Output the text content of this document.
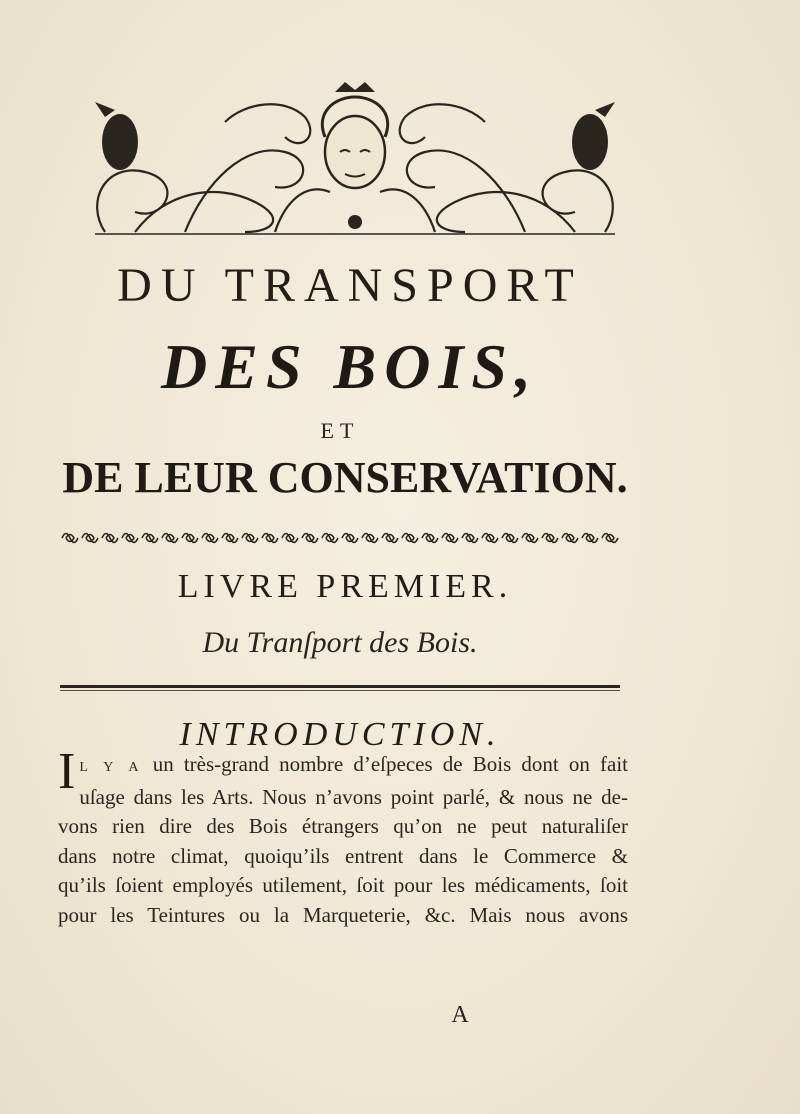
DU TRANSPORT
DES BOIS,
ET
DE LEUR CONSERVATION.
LIVRE PREMIER.
Du Tranſport des Bois.
INTRODUCTION.
I L Y A un très-grand nombre d’eſpeces de Bois dont on fait
uſage dans les Arts. Nous n’avons point parlé, & nous ne de-
vons rien dire des Bois étrangers qu’on ne peut naturaliſer
dans notre climat, quoiqu’ils entrent dans le Commerce &
qu’ils ſoient employés utilement, ſoit pour les médicaments, ſoit
pour les Teintures ou la Marqueterie, &c. Mais nous avons
A
